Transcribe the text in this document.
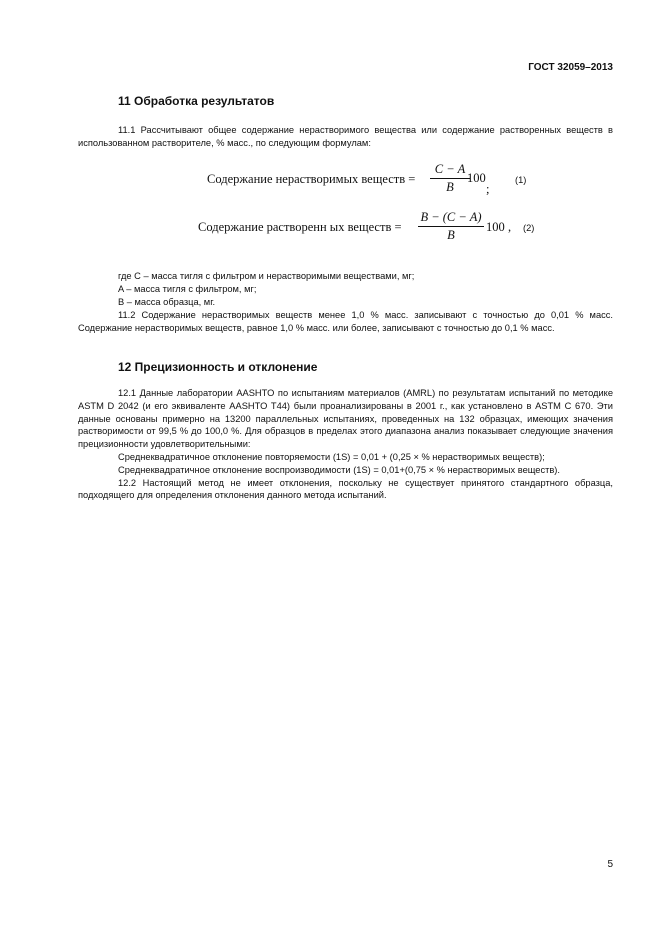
ГОСТ 32059–2013
11 Обработка результатов

11.1 Рассчитывают общее содержание нерастворимого вещества или содержание растворенных веществ в использованном растворителе, % масс., по следующим формулам:

Содержание нерастворимых веществ =
C − A
B
100
;
(1)
Содержание растворенн ых веществ =
B − (C − A)
B
100 , (2)
где C – масса тигля с фильтром и нерастворимыми веществами, мг;
A – масса тигля с фильтром, мг;
B – масса образца, мг.

11.2 Содержание нерастворимых веществ менее 1,0 % масс. записывают с точностью до 0,01 % масс. Содержание нерастворимых веществ, равное 1,0 % масс. или более, записывают с точностью до 0,1 % масс.

12 Прецизионность и отклонение

12.1 Данные лаборатории AASHTO по испытаниям материалов (AMRL) по результатам испытаний по методике ASTM D 2042 (и его эквиваленте AASHTO T44) были проанализированы в 2001 г., как установлено в ASTM C 670. Эти данные основаны примерно на 13200 параллельных испытаниях, проведенных на 132 образцах, имеющих значения растворимости от 99,5 % до 100,0 %. Для образцов в пределах этого диапазона анализ показывает следующие значения прецизионности удовлетворительными:

Среднеквадратичное отклонение повторяемости (1S) = 0,01 + (0,25 × % нерастворимых веществ);

Среднеквадратичное отклонение воспроизводимости (1S) = 0,01+(0,75 × % нерастворимых веществ).

12.2 Настоящий метод не имеет отклонения, поскольку не существует принятого стандартного образца, подходящего для определения отклонения данного метода испытаний.

5
